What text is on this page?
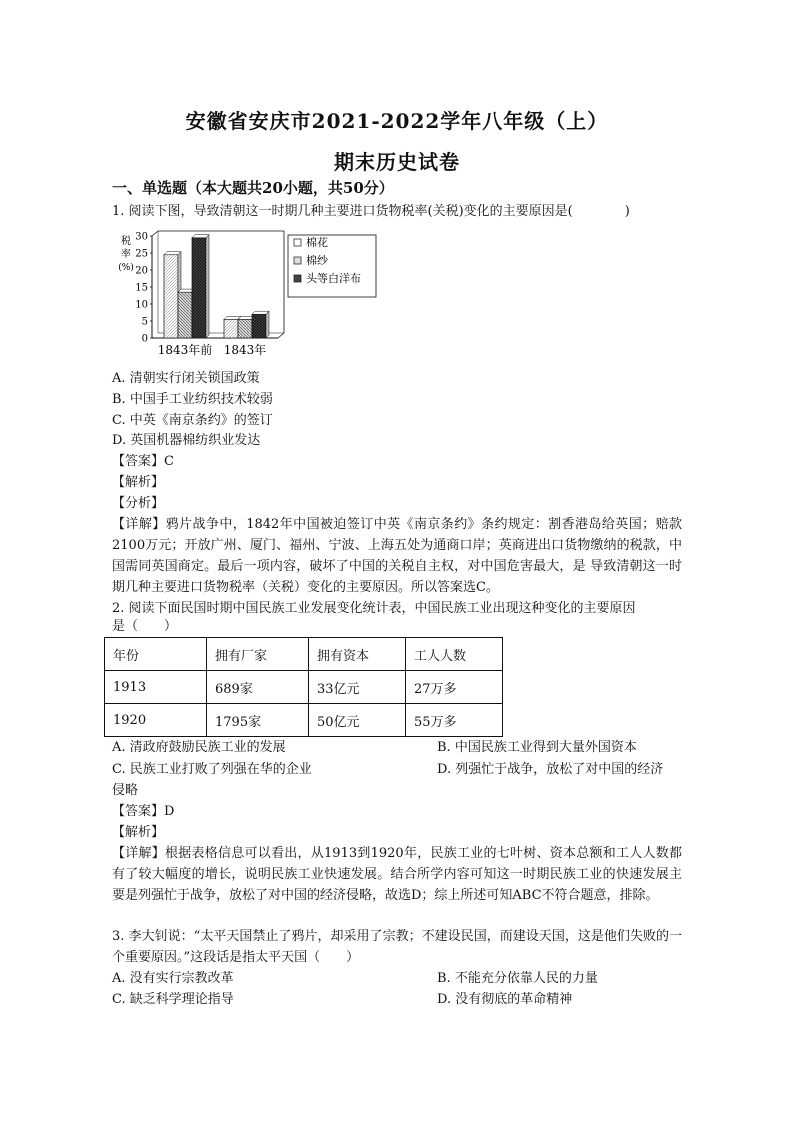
安徽省安庆市2021-2022学年八年级（上）
期末历史试卷
一、单选题（本大题共20小题，共50分）
1. 阅读下图，导致清朝这一时期几种主要进口货物税率(关税)变化的主要原因是(　　　　)
税
率
(%)
0
5
10
15
20
25
30
1843年前 1843年
A. 清朝实行闭关锁国政策
B. 中国手工业纺织技术较弱
C. 中英《南京条约》的签订
D. 英国机器棉纺织业发达
【答案】C
【解析】
【分析】
【详解】鸦片战争中，1842年中国被迫签订中英《南京条约》条约规定：割香港岛给英国；赔款2100万元；开放广州、厦门、福州、宁波、上海五处为通商口岸；英商进出口货物缴纳的税款，中国需同英国商定。最后一项内容，破坏了中国的关税自主权，对中国危害最大，是 导致清朝这一时期几种主要进口货物税率（关税）变化的主要原因。所以答案选C。
2. 阅读下面民国时期中国民族工业发展变化统计表，中国民族工业出现这种变化的主要原因
是（　　）
年份	拥有厂家	拥有资本	工人人数
1913	689家	33亿元	27万多
1920	1795家	50亿元	55万多
A. 清政府鼓励民族工业的发展	B. 中国民族工业得到大量外国资本
C. 民族工业打败了列强在华的企业	D. 列强忙于战争，放松了对中国的经济
侵略
【答案】D
【解析】
【详解】根据表格信息可以看出，从1913到1920年，民族工业的七叶树、资本总额和工人人数都有了较大幅度的增长，说明民族工业快速发展。结合所学内容可知这一时期民族工业的快速发展主要是列强忙于战争，放松了对中国的经济侵略，故选D；综上所述可知ABC不符合题意，排除。
3. 李大钊说：“太平天国禁止了鸦片，却采用了宗教；不建设民国，而建设天国，这是他们失败的一个重要原因。”这段话是指太平天国（　　）
A. 没有实行宗教改革	B. 不能充分依靠人民的力量
C. 缺乏科学理论指导	D. 没有彻底的革命精神
棉花
棉纱
头等白洋布
